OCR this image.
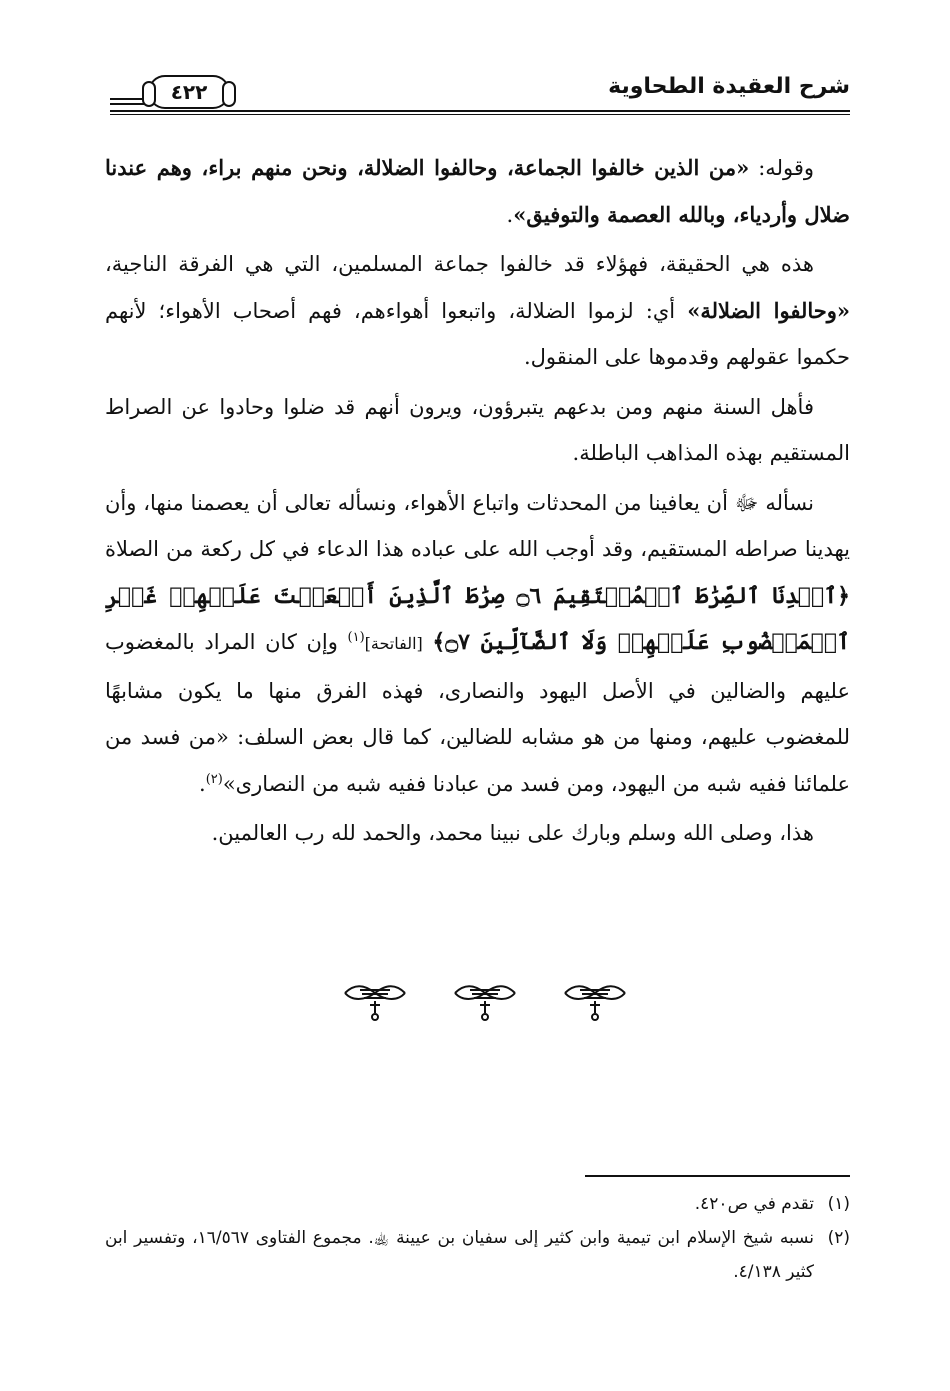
شرح العقيدة الطحاوية
٤٢٢

وقوله: «من الذين خالفوا الجماعة، وحالفوا الضلالة، ونحن منهم براء، وهم عندنا ضلال وأردياء، وبالله العصمة والتوفيق».

هذه هي الحقيقة، فهؤلاء قد خالفوا جماعة المسلمين، التي هي الفرقة الناجية، «وحالفوا الضلالة» أي: لزموا الضلالة، واتبعوا أهواءهم، فهم أصحاب الأهواء؛ لأنهم حكموا عقولهم وقدموها على المنقول.

فأهل السنة منهم ومن بدعهم يتبرؤون، ويرون أنهم قد ضلوا وحادوا عن الصراط المستقيم بهذه المذاهب الباطلة.

نسأله ﷻ أن يعافينا من المحدثات واتباع الأهواء، ونسأله تعالى أن يعصمنا منها، وأن يهدينا صراطه المستقيم، وقد أوجب الله على عباده هذا الدعاء في كل ركعة من الصلاة ﴿ٱهۡدِنَا ٱلصِّرَٰطَ ٱلۡمُسۡتَقِيمَ ۝٦ صِرَٰطَ ٱلَّذِينَ أَنۡعَمۡتَ عَلَيۡهِمۡ غَيۡرِ ٱلۡمَغۡضُوبِ عَلَيۡهِمۡ وَلَا ٱلضَّآلِّينَ ۝٧﴾ [الفاتحة]$^{(١)}$ وإن كان المراد بالمغضوب عليهم والضالين في الأصل اليهود والنصارى، فهذه الفرق منها ما يكون مشابهًا للمغضوب عليهم، ومنها من هو مشابه للضالين، كما قال بعض السلف: «من فسد من علمائنا ففيه شبه من اليهود، ومن فسد من عبادنا ففيه شبه من النصارى»$^{(٢)}$.

هذا، وصلى الله وسلم وبارك على نبينا محمد، والحمد لله رب العالمين.

(١)
تقدم في ص٤٢٠.
(٢)
نسبه شيخ الإسلام ابن تيمية وابن كثير إلى سفيان بن عيينة ﵀. مجموع الفتاوى ١٦/٥٦٧، وتفسير ابن كثير ٤/١٣٨.
